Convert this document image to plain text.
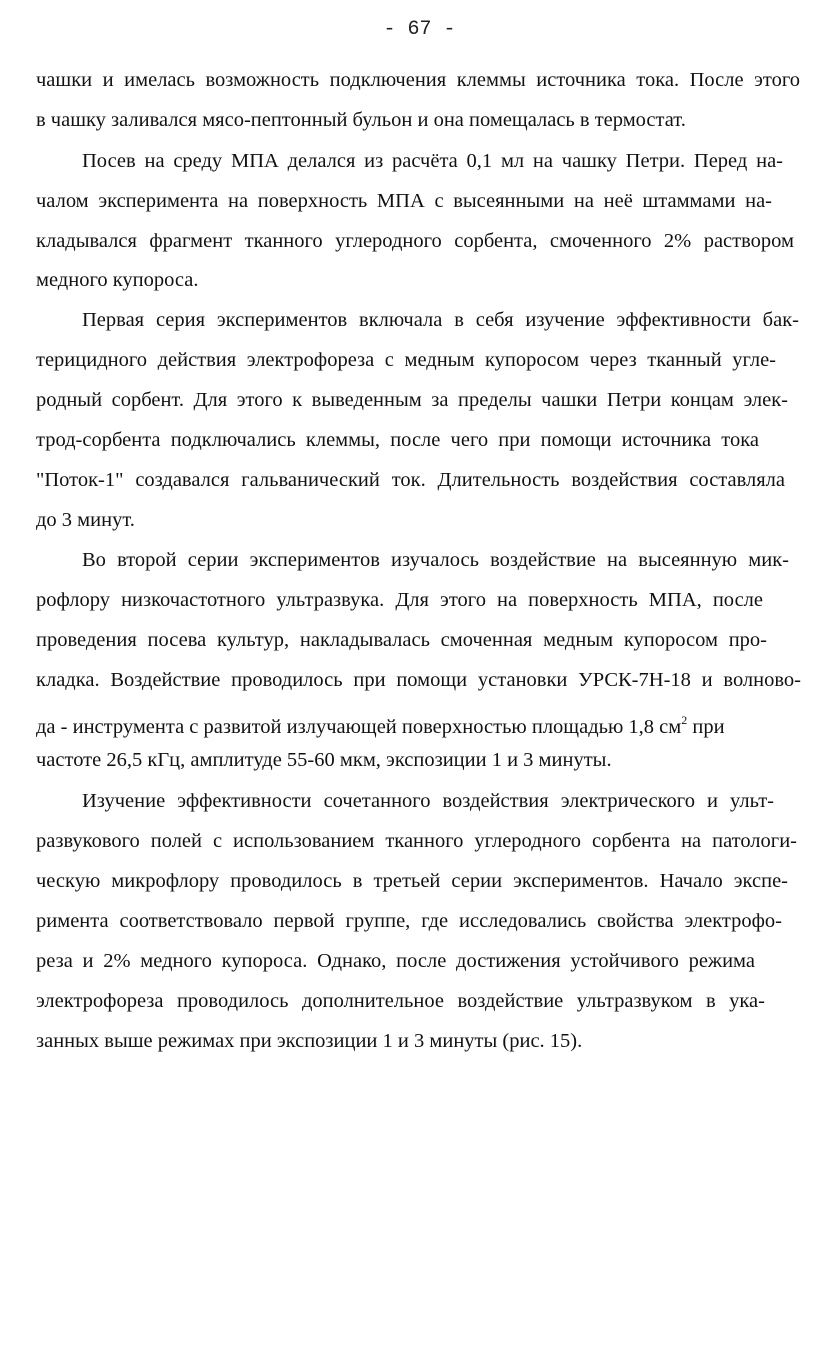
- 67 -
чашки и имелась возможность подключения клеммы источника тока. После этого
в чашку заливался мясо-пептонный бульон и она помещалась в термостат.
Посев на среду МПА делался из расчёта 0,1 мл на чашку Петри. Перед на-
чалом эксперимента на поверхность МПА с высеянными на неё штаммами на-
кладывался фрагмент тканного углеродного сорбента, смоченного 2% раствором
медного купороса.
Первая серия экспериментов включала в себя изучение эффективности бак-
терицидного действия электрофореза с медным купоросом через тканный угле-
родный сорбент. Для этого к выведенным за пределы чашки Петри концам элек-
трод-сорбента подключались клеммы, после чего при помощи источника тока
"Поток-1" создавался гальванический ток. Длительность воздействия составляла
до 3 минут.
Во второй серии экспериментов изучалось воздействие на высеянную мик-
рофлору низкочастотного ультразвука. Для этого на поверхность МПА, после
проведения посева культур, накладывалась смоченная медным купоросом про-
кладка. Воздействие проводилось при помощи установки УРСК-7Н-18 и волново-
да - инструмента с развитой излучающей поверхностью площадью 1,8 $см^2$ при
частоте 26,5 кГц, амплитуде 55-60 мкм, экспозиции 1 и 3 минуты.
Изучение эффективности сочетанного воздействия электрического и ульт-
развукового полей с использованием тканного углеродного сорбента на патологи-
ческую микрофлору проводилось в третьей серии экспериментов. Начало экспе-
римента соответствовало первой группе, где исследовались свойства электрофо-
реза и 2% медного купороса. Однако, после достижения устойчивого режима
электрофореза проводилось дополнительное воздействие ультразвуком в ука-
занных выше режимах при экспозиции 1 и 3 минуты (рис. 15).
